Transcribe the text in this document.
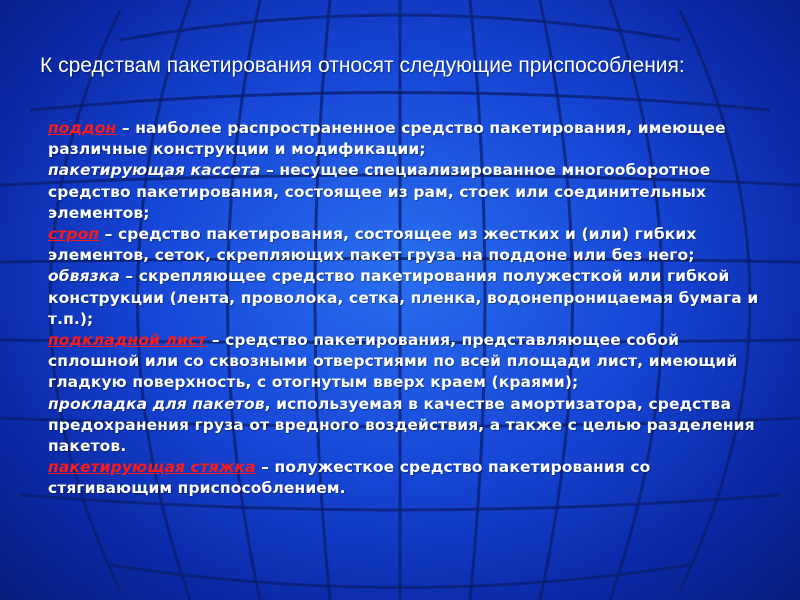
К средствам пакетирования относят следующие приспособления:

поддон – наиболее распространенное средство пакетирования, имеющее различные конструкции и модификации;

пакетирующая кассета – несущее специализированное многооборотное средство пакетирования, состоящее из рам, стоек или соединительных элементов;

строп – средство пакетирования, состоящее из жестких и (или) гибких элементов, сеток, скрепляющих пакет груза на поддоне или без него;

обвязка – скрепляющее средство пакетирования полужесткой или гибкой конструкции (лента, проволока, сетка, пленка, водонепроницаемая бумага и т.п.);

подкладной лист – средство пакетирования, представляющее собой сплошной или со сквозными отверстиями по всей площади лист, имеющий гладкую поверхность, с отогнутым вверх краем (краями);

прокладка для пакетов, используемая в качестве амортизатора, средства предохранения груза от вредного воздействия, а также с целью разделения пакетов.

пакетирующая стяжка – полужесткое средство пакетирования со стягивающим приспособлением.
